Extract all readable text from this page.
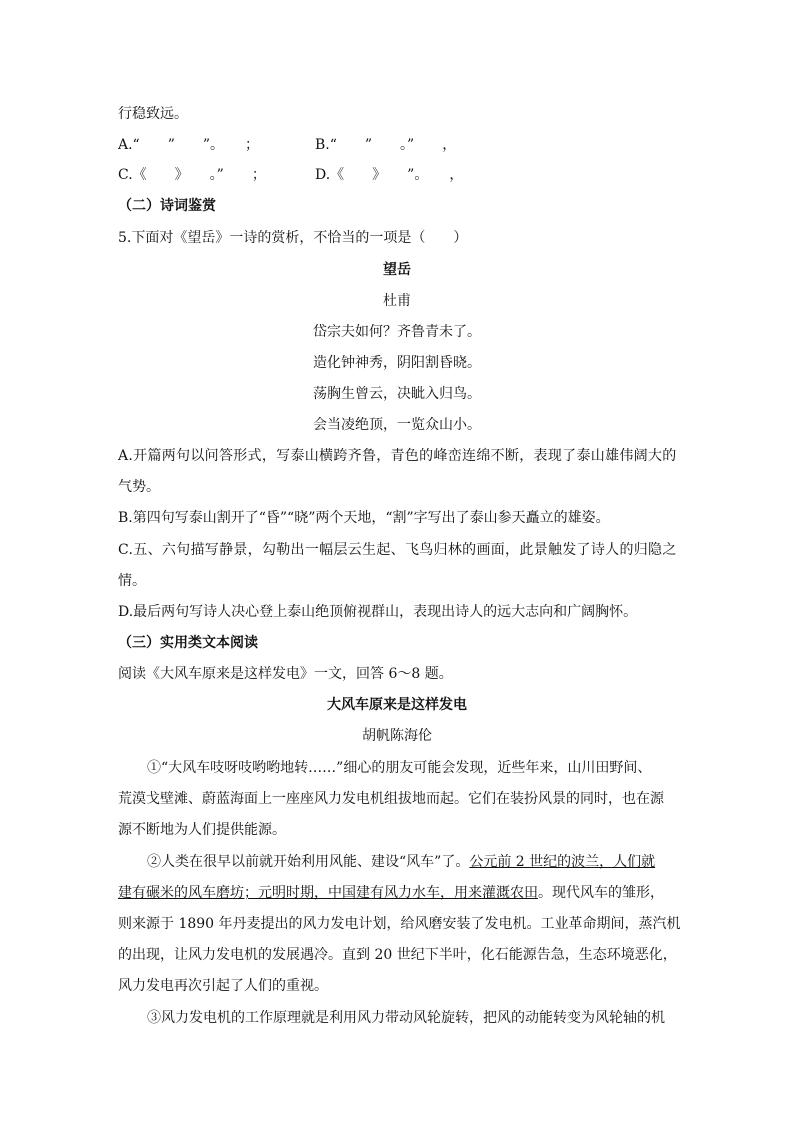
行稳致远。
A.“　　”　　”。　　；	B.“　　”　　。”　　，
C.《　　》　　。”　　；	D.《　　》　　”。　　，
（二）诗词鉴赏
5.下面对《望岳》一诗的赏析，不恰当的一项是（　　）
望岳
杜甫
岱宗夫如何？齐鲁青未了。
造化钟神秀，阴阳割昏晓。
荡胸生曾云，决眦入归鸟。
会当凌绝顶，一览众山小。
A.开篇两句以问答形式，写泰山横跨齐鲁，青色的峰峦连绵不断，表现了泰山雄伟阔大的
气势。
B.第四句写泰山割开了“昏”“晓”两个天地，“割”字写出了泰山参天矗立的雄姿。
C.五、六句描写静景，勾勒出一幅层云生起、飞鸟归林的画面，此景触发了诗人的归隐之
情。
D.最后两句写诗人决心登上泰山绝顶俯视群山，表现出诗人的远大志向和广阔胸怀。
（三）实用类文本阅读
阅读《大风车原来是这样发电》一文，回答 6～8 题。
大风车原来是这样发电
胡帆陈海伦
①“大风车吱呀吱哟哟地转……”细心的朋友可能会发现，近些年来，山川田野间、
荒漠戈壁滩、蔚蓝海面上一座座风力发电机组拔地而起。它们在装扮风景的同时，也在源
源不断地为人们提供能源。
②人类在很早以前就开始利用风能、建设“风车”了。公元前 2 世纪的波兰，人们就
建有碾米的风车磨坊；元明时期，中国建有风力水车，用来灌溉农田。现代风车的雏形，
则来源于 1890 年丹麦提出的风力发电计划，给风磨安装了发电机。工业革命期间，蒸汽机
的出现，让风力发电机的发展遇冷。直到 20 世纪下半叶，化石能源告急，生态环境恶化，
风力发电再次引起了人们的重视。
③风力发电机的工作原理就是利用风力带动风轮旋转，把风的动能转变为风轮轴的机
